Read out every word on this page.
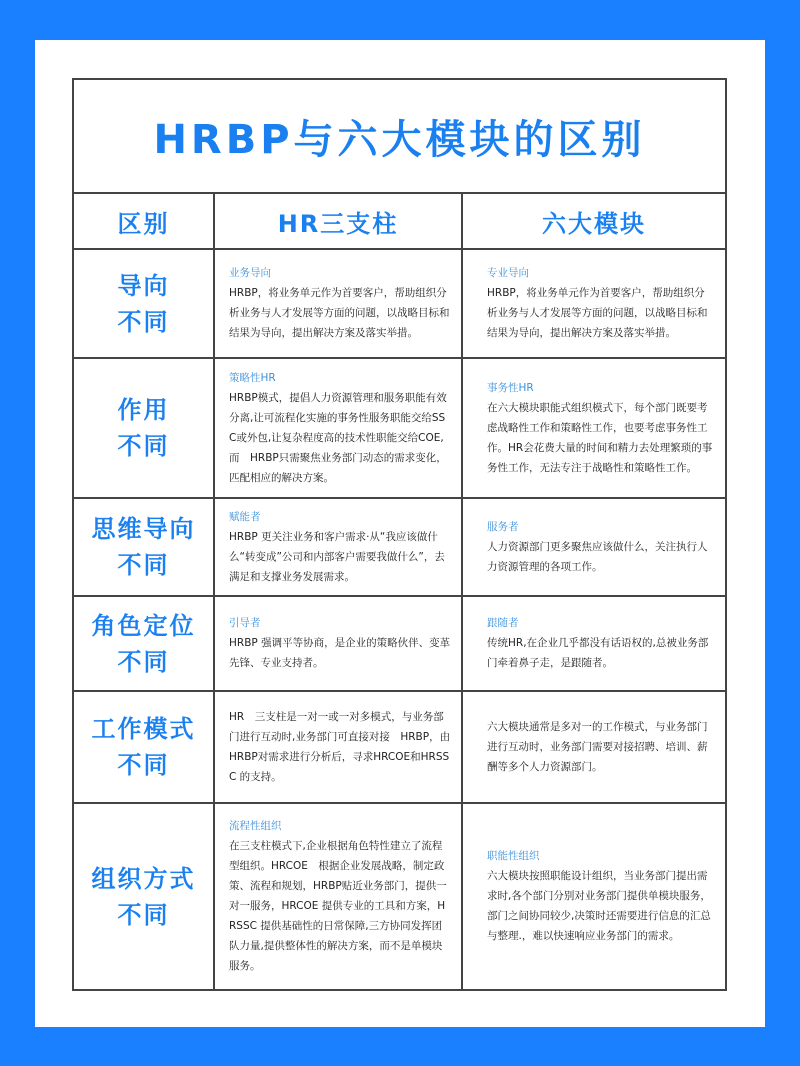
HRBP与六大模块的区别
区别	HR三支柱	六大模块
导向
不同
业务导向
HRBP，将业务单元作为首要客户，帮助组织分析业务与人才发展等方面的问题，以战略目标和结果为导向，提出解决方案及落实举措。
专业导向
HRBP，将业务单元作为首要客户，帮助组织分析业务与人才发展等方面的问题，以战略目标和结果为导向，提出解决方案及落实举措。
作用
不同
策略性HR
HRBP模式，提倡人力资源管理和服务职能有效分离,让可流程化实施的事务性服务职能交给SSC或外包,让复杂程度高的技术性职能交给COE,而　HRBP只需聚焦业务部门动态的需求变化，匹配相应的解决方案。
事务性HR
在六大模块职能式组织模式下，每个部门既要考虑战略性工作和策略性工作，也要考虑事务性工作。HR会花费大量的时间和精力去处理繁琐的事务性工作，无法专注于战略性和策略性工作。
思维导向
不同
赋能者
HRBP 更关注业务和客户需求·从“我应该做什么“转变成”公司和内部客户需要我做什么”，去满足和支撑业务发展需求。
服务者
人力资源部门更多聚焦应该做什么，关注执行人力资源管理的各项工作。
角色定位
不同
引导者
HRBP 强调平等协商，是企业的策略伙伴、变革先锋、专业支持者。
跟随者
传统HR,在企业几乎都没有话语权的,总被业务部门牵着鼻子走，是跟随者。
工作模式
不同
HR　三支柱是一对一或一对多模式，与业务部门进行互动时,业务部门可直接对接　HRBP，由HRBP对需求进行分析后，寻求HRCOE和HRSSC 的支持。
六大模块通常是多对一的工作模式，与业务部门进行互动时，业务部门需要对接招聘、培训、薪酬等多个人力资源部门。
组织方式
不同
流程性组织
在三支柱模式下,企业根据角色特性建立了流程型组织。HRCOE　根据企业发展战略，制定政策、流程和规划，HRBP贴近业务部门，提供一对一服务，HRCOE 提供专业的工具和方案，HRSSC 提供基础性的日常保障,三方协同发挥团队力量,提供整体性的解决方案，而不是单模块服务。
职能性组织
六大模块按照职能设计组织，当业务部门提出需求时,各个部门分别对业务部门提供单模块服务，部门之间协同较少,决策时还需要进行信息的汇总与整理.，难以快速响应业务部门的需求。
